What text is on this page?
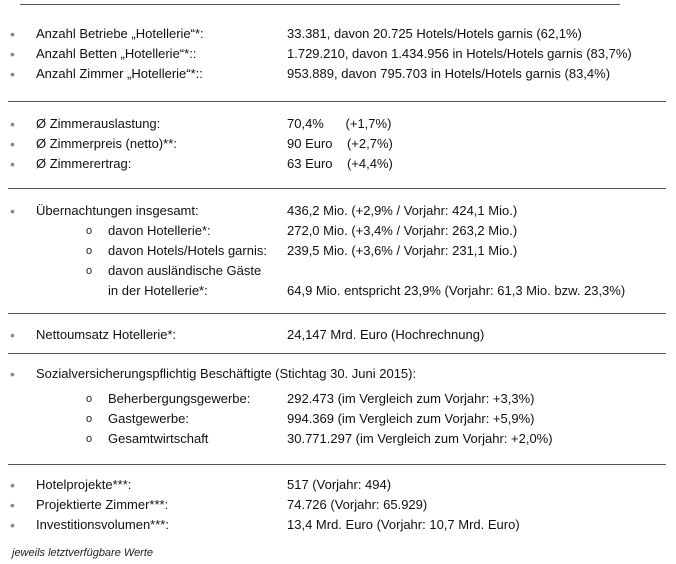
• Anzahl Betriebe „Hotellerie“*:	33.381, davon 20.725 Hotels/Hotels garnis (62,1%)
• Anzahl Betten „Hotellerie“*::	1.729.210, davon 1.434.956 in Hotels/Hotels garnis (83,7%)
• Anzahl Zimmer „Hotellerie“*::	953.889, davon 795.703 in Hotels/Hotels garnis (83,4%)
• Ø Zimmerauslastung:	70,4%      (+1,7%)
• Ø Zimmerpreis (netto)**:	90 Euro    (+2,7%)
• Ø Zimmerertrag:	63 Euro    (+4,4%)
• Übernachtungen insgesamt:	436,2 Mio. (+2,9% / Vorjahr: 424,1 Mio.)
o davon Hotellerie*:	272,0 Mio. (+3,4% / Vorjahr: 263,2 Mio.)
o davon Hotels/Hotels garnis: 239,5 Mio. (+3,6% / Vorjahr: 231,1 Mio.)
o davon ausländische Gäste
in der Hotellerie*:	64,9 Mio. entspricht 23,9% (Vorjahr: 61,3 Mio. bzw. 23,3%)
• Nettoumsatz Hotellerie*:	24,147 Mrd. Euro (Hochrechnung)
• Sozialversicherungspflichtig Beschäftigte (Stichtag 30. Juni 2015):
o Beherbergungsgewerbe:	292.473 (im Vergleich zum Vorjahr: +3,3%)
o Gastgewerbe:	994.369 (im Vergleich zum Vorjahr: +5,9%)
o Gesamtwirtschaft	30.771.297 (im Vergleich zum Vorjahr: +2,0%)
• Hotelprojekte***:	517 (Vorjahr: 494)
• Projektierte Zimmer***:	74.726 (Vorjahr: 65.929)
• Investitionsvolumen***:	13,4 Mrd. Euro (Vorjahr: 10,7 Mrd. Euro)
jeweils letztverfügbare Werte
